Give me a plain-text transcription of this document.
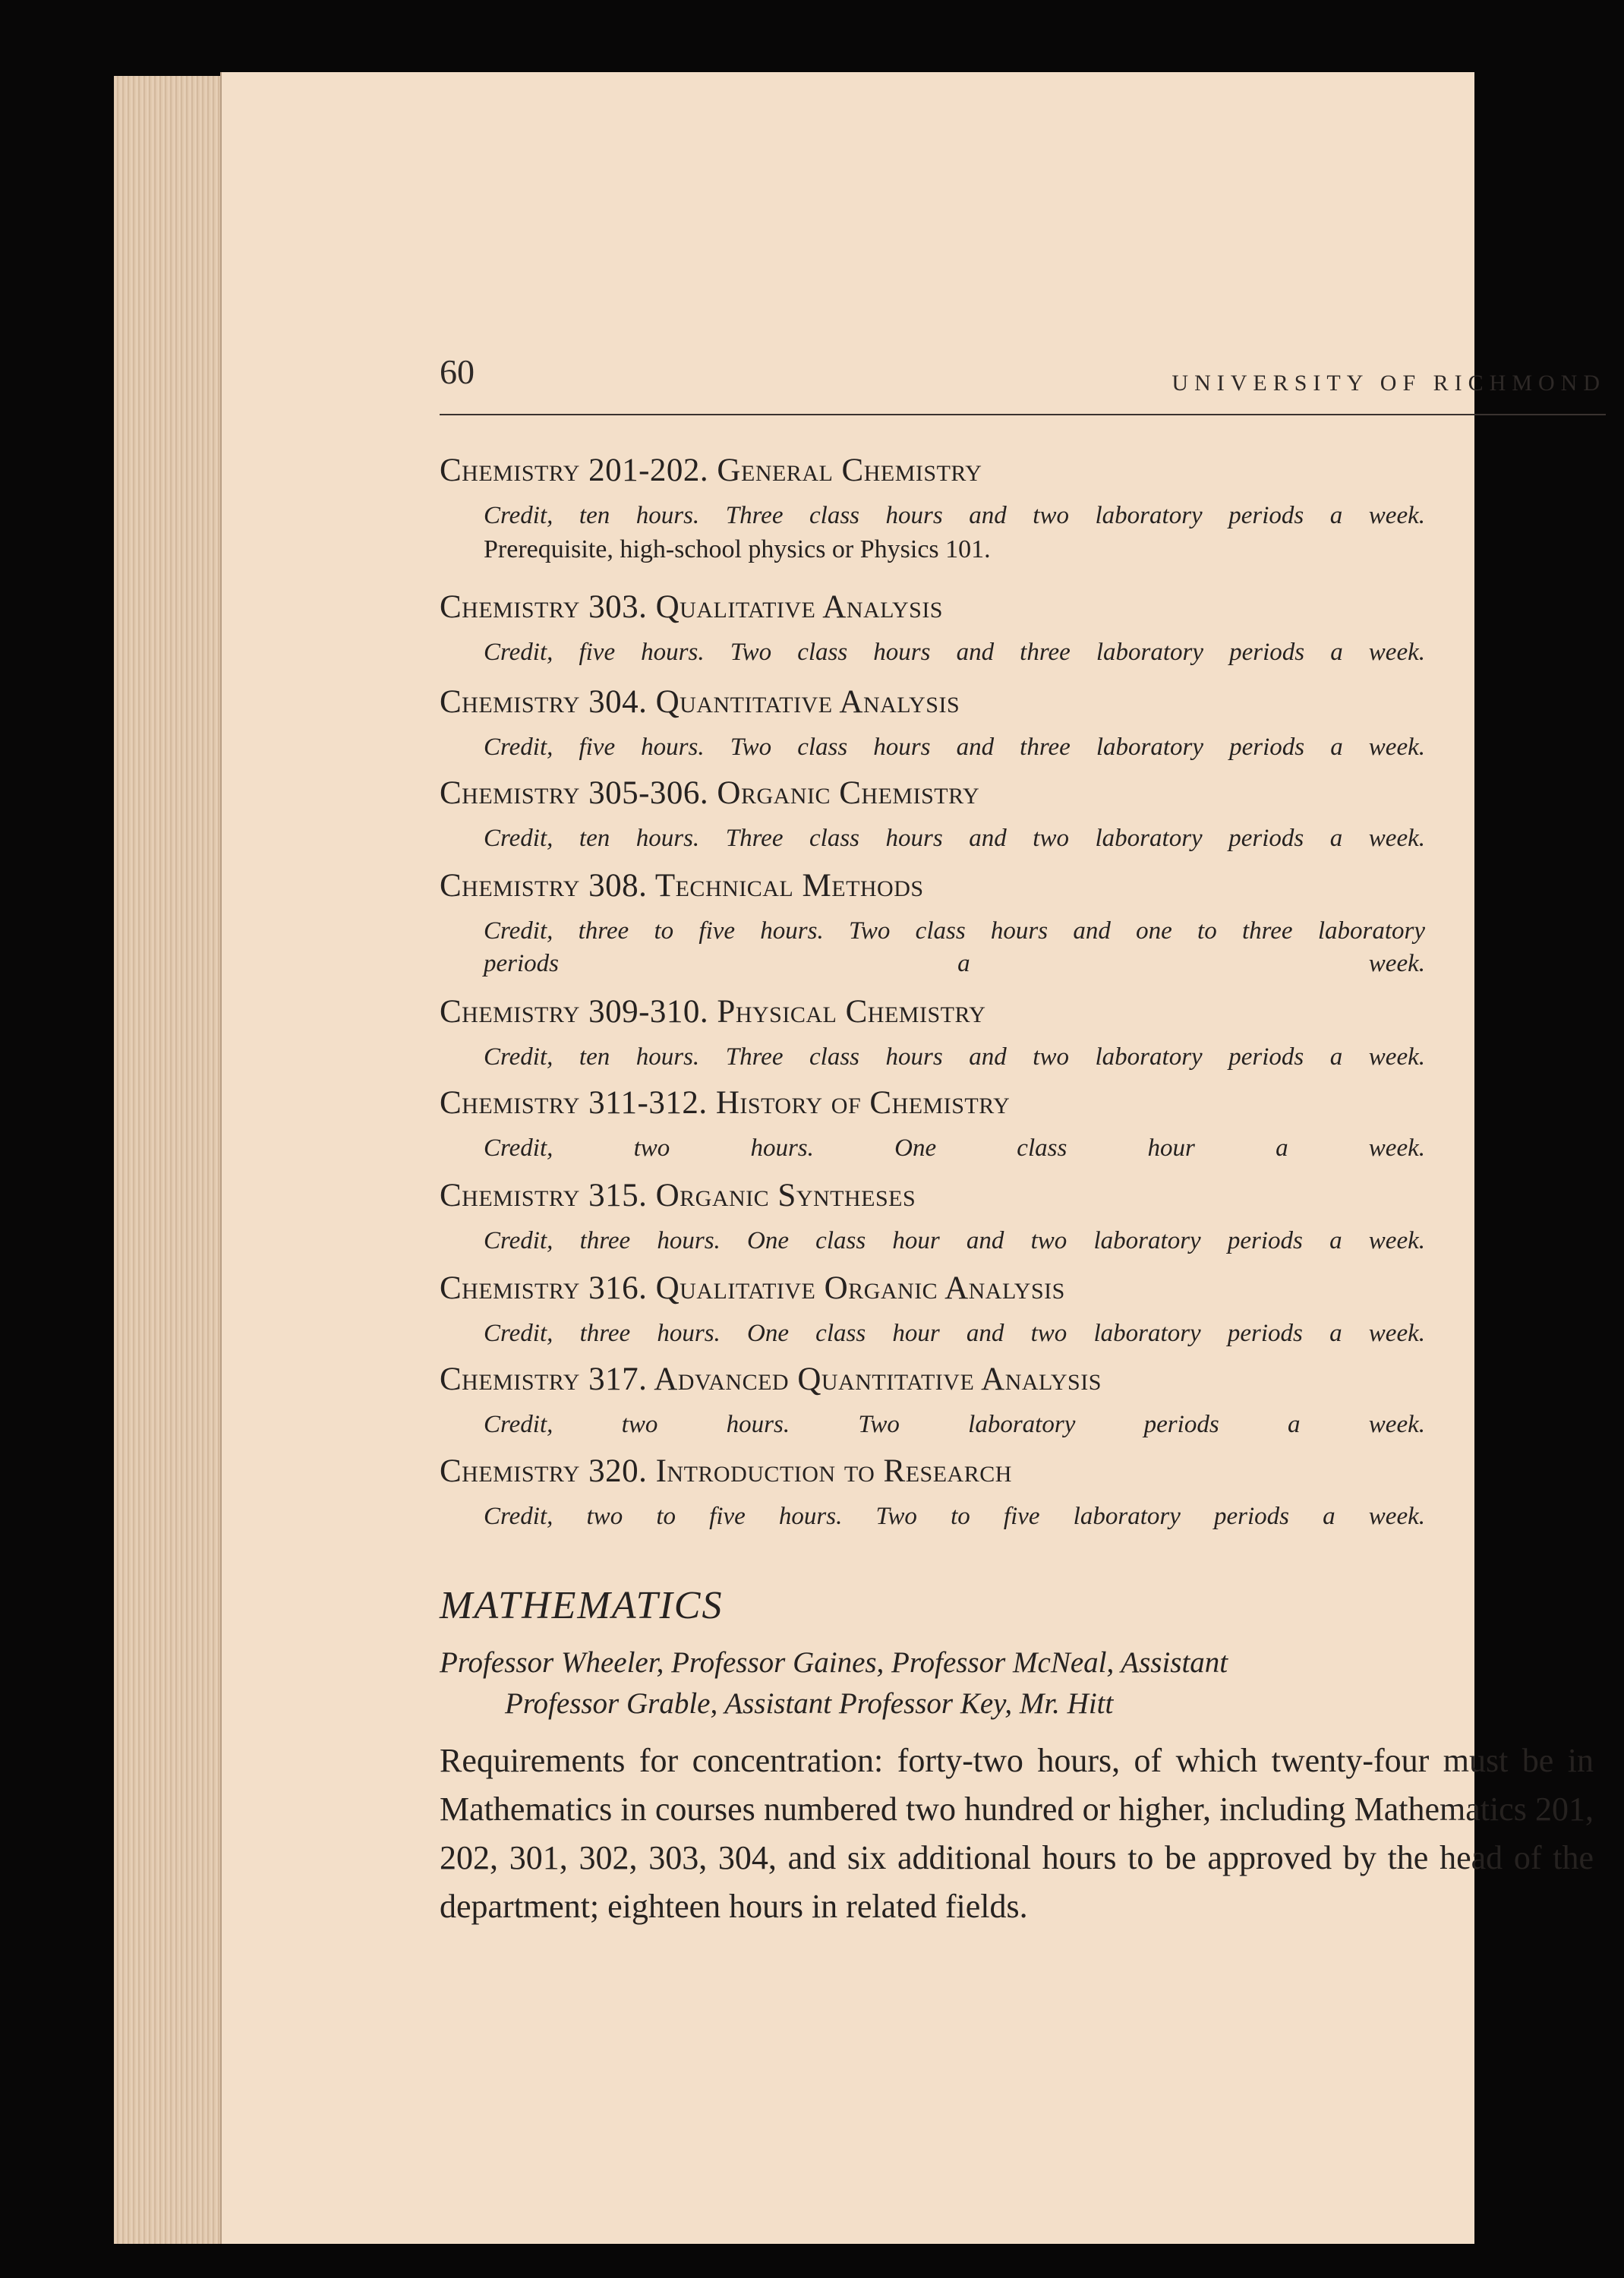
60	UNIVERSITY OF RICHMOND
Chemistry 201-202. General Chemistry
Credit, ten hours. Three class hours and two laboratory periods a week.
Prerequisite, high-school physics or Physics 101.
Chemistry 303. Qualitative Analysis
Credit, five hours. Two class hours and three laboratory periods a week.
Chemistry 304. Quantitative Analysis
Credit, five hours. Two class hours and three laboratory periods a week.
Chemistry 305-306. Organic Chemistry
Credit, ten hours. Three class hours and two laboratory periods a week.
Chemistry 308. Technical Methods
Credit, three to five hours. Two class hours and one to three laboratory
periods a week.
Chemistry 309-310. Physical Chemistry
Credit, ten hours. Three class hours and two laboratory periods a week.
Chemistry 311-312. History of Chemistry
Credit, two hours. One class hour a week.
Chemistry 315. Organic Syntheses
Credit, three hours. One class hour and two laboratory periods a week.
Chemistry 316. Qualitative Organic Analysis
Credit, three hours. One class hour and two laboratory periods a week.
Chemistry 317. Advanced Quantitative Analysis
Credit, two hours. Two laboratory periods a week.
Chemistry 320. Introduction to Research
Credit, two to five hours. Two to five laboratory periods a week.
MATHEMATICS
Professor Wheeler, Professor Gaines, Professor McNeal, Assistant
Professor Grable, Assistant Professor Key, Mr. Hitt
Requirements for concentration: forty-two hours, of which twenty-four must be in Mathematics in courses numbered two hundred or higher, including Mathematics 201, 202, 301, 302, 303, 304, and six additional hours to be approved by the head of the department; eighteen hours in related fields.
